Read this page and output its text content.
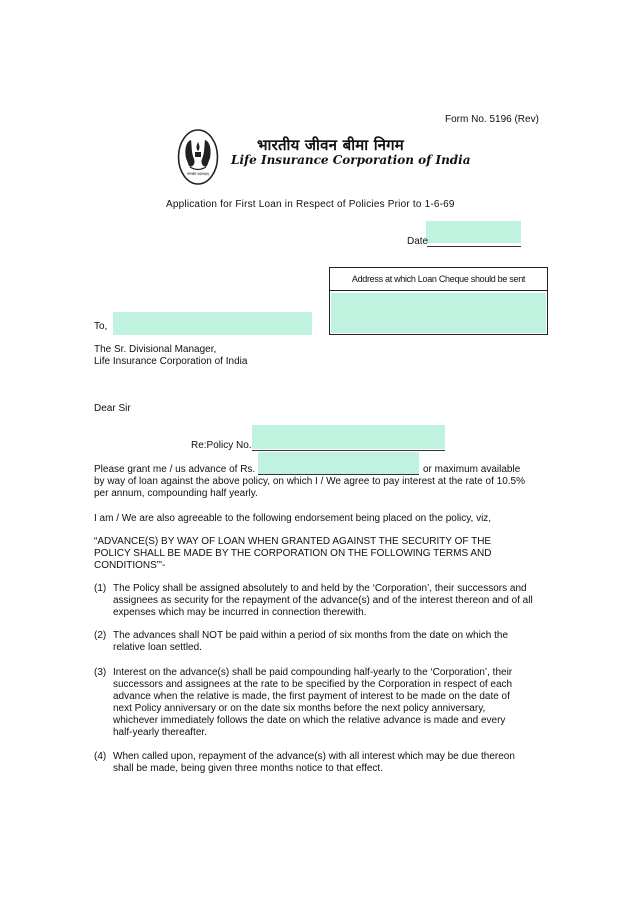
Form No. 5196 (Rev)
योगक्षेमं वहाम्यहम्
भारतीय जीवन बीमा निगम
Life Insurance Corporation of India
Application for First Loan in Respect of Policies Prior to 1-6-69
Date
Address at which Loan Cheque should be sent
To,
The Sr. Divisional Manager,
Life Insurance Corporation of India
Dear Sir
Re:Policy No.
Please grant me / us advance of Rs.	or maximum available
by way of loan against the above policy, on which I / We agree to pay interest at the rate of 10.5%
per annum, compounding half yearly.
I am / We are also agreeable to the following endorsement being placed on the policy, viz,
“ADVANCE(S) BY WAY OF LOAN WHEN GRANTED AGAINST THE SECURITY OF THE POLICY SHALL BE MADE BY THE CORPORATION ON THE FOLLOWING TERMS AND CONDITIONS”'-
(1) The Policy shall be assigned absolutely to and held by the ‘Corporation’, their successors and assignees as security for the repayment of the advance(s) and of the interest thereon and of all expenses which may be incurred in connection therewith.
(2) The advances shall NOT be paid within a period of six months from the date on which the relative loan settled.
(3) Interest on the advance(s) shall be paid compounding half-yearly to the ‘Corporation’, their successors and assignees at the rate to be specified by the Corporation in respect of each advance when the relative is made, the first payment of interest to be made on the date of next Policy anniversary or on the date six months before the next policy anniversary, whichever immediately follows the date on which the relative advance is made and every half-yearly thereafter.
(4) When called upon, repayment of the advance(s) with all interest which may be due thereon shall be made, being given three months notice to that effect.
